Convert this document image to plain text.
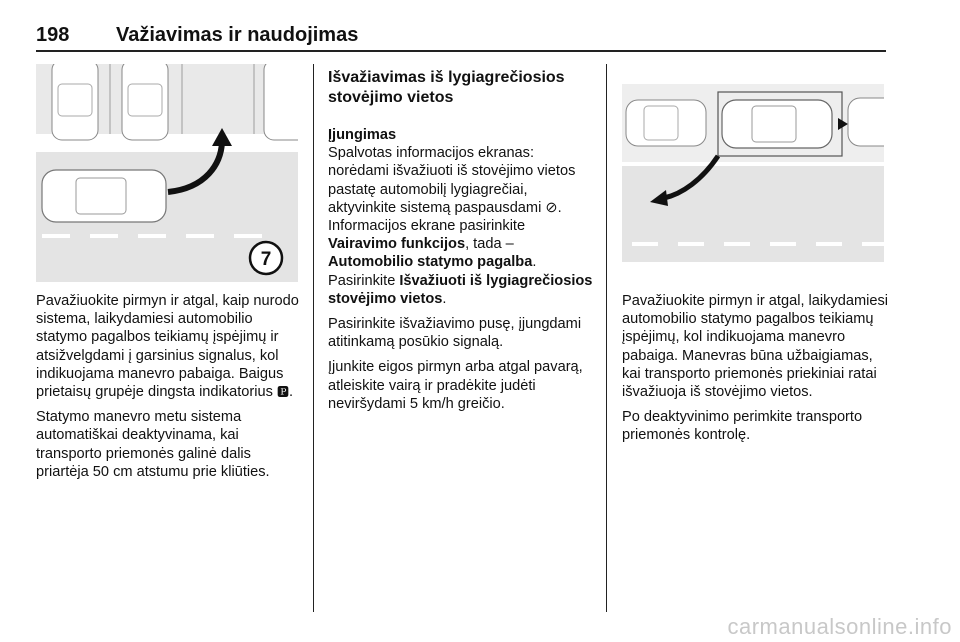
198 Važiavimas ir naudojimas
7

Pavažiuokite pirmyn ir atgal, kaip nurodo sistema, laikydamiesi automobilio statymo pagalbos teikiamų įspėjimų ir atsižvelgdami į garsinius signalus, kol indikuojama manevro pabaiga. Baigus prietaisų grupėje dingsta indikatorius 🅿︎.

Statymo manevro metu sistema automatiškai deaktyvinama, kai transporto priemonės galinė dalis priartėja 50 cm atstumu prie kliūties.

Išvažiavimas iš lygiagrečiosios stovėjimo vietos
Įjungimas

Spalvotas informacijos ekranas: norėdami išvažiuoti iš stovėjimo vietos pastatę automobilį lygiagrečiai, aktyvinkite sistemą paspausdami ⊘.
Informacijos ekrane pasirinkite Vairavimo funkcijos, tada –
Automobilio statymo pagalba.
Pasirinkite Išvažiuoti iš lygiagrečiosios stovėjimo vietos.

Pasirinkite išvažiavimo pusę, įjungdami atitinkamą posūkio signalą.

Įjunkite eigos pirmyn arba atgal pavarą, atleiskite vairą ir pradėkite judėti neviršydami 5 km/h greičio.

Pavažiuokite pirmyn ir atgal, laikydamiesi automobilio statymo pagalbos teikiamų įspėjimų, kol indikuojama manevro pabaiga. Manevras būna užbaigiamas, kai transporto priemonės priekiniai ratai išvažiuoja iš stovėjimo vietos.

Po deaktyvinimo perimkite transporto priemonės kontrolę.

carmanualsonline.info
